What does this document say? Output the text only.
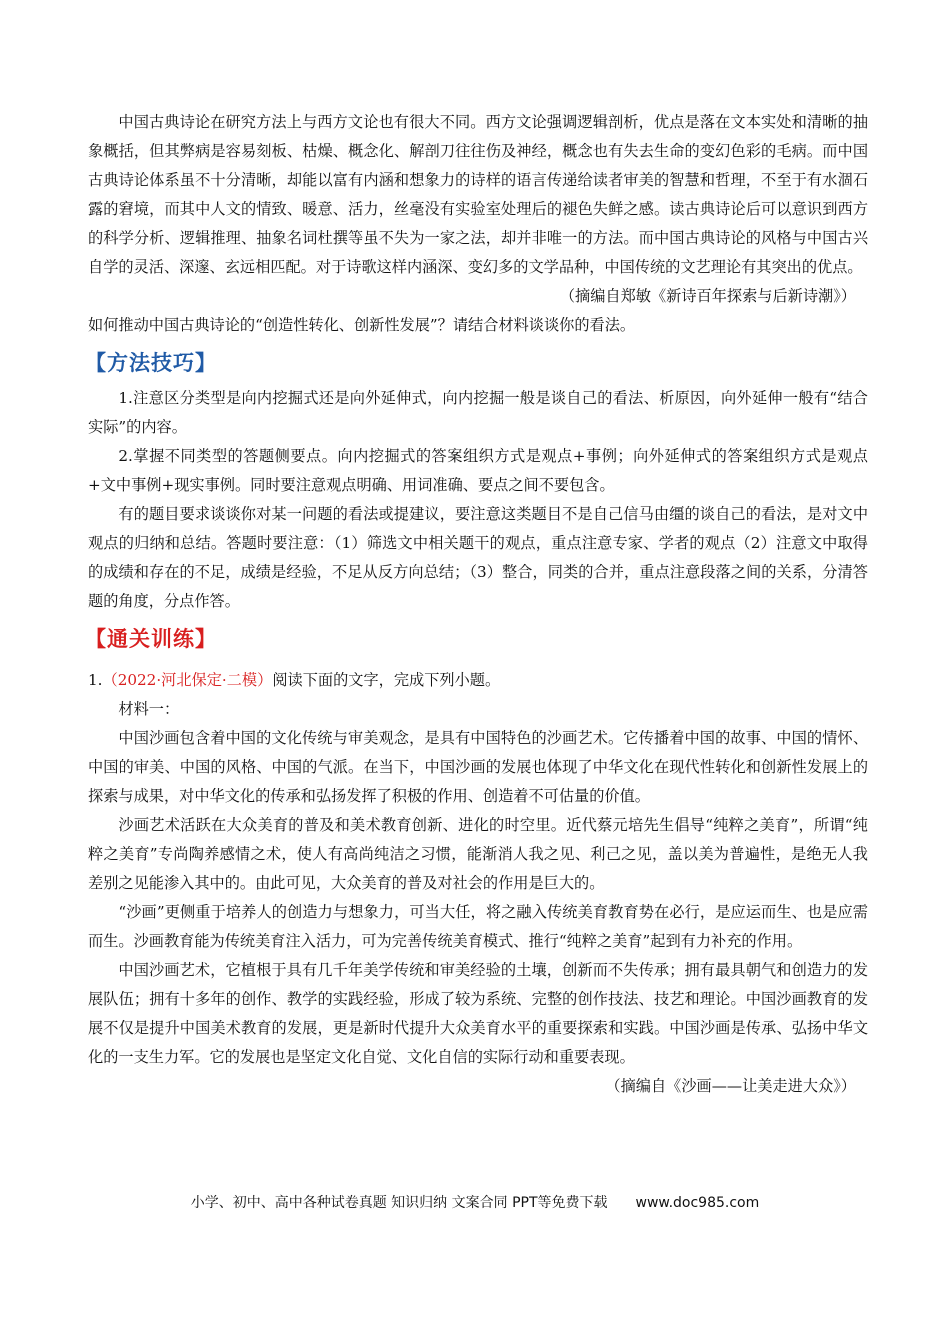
中国古典诗论在研究方法上与西方文论也有很大不同。西方文论强调逻辑剖析，优点是落在文本实处和清晰的抽象概括，但其弊病是容易刻板、枯燥、概念化、解剖刀往往伤及神经，概念也有失去生命的变幻色彩的毛病。而中国古典诗论体系虽不十分清晰，却能以富有内涵和想象力的诗样的语言传递给读者审美的智慧和哲理，不至于有水涸石露的窘境，而其中人文的情致、暖意、活力，丝毫没有实验室处理后的褪色失鲜之感。读古典诗论后可以意识到西方的科学分析、逻辑推理、抽象名词杜撰等虽不失为一家之法，却并非唯一的方法。而中国古典诗论的风格与中国古兴自学的灵活、深邃、玄远相匹配。对于诗歌这样内涵深、变幻多的文学品种，中国传统的文艺理论有其突出的优点。

（摘编自郑敏《新诗百年探索与后新诗潮》）

如何推动中国古典诗论的“创造性转化、创新性发展”？请结合材料谈谈你的看法。

【方法技巧】

1.注意区分类型是向内挖掘式还是向外延伸式，向内挖掘一般是谈自己的看法、析原因，向外延伸一般有“结合实际”的内容。

2.掌握不同类型的答题侧要点。向内挖掘式的答案组织方式是观点+事例；向外延伸式的答案组织方式是观点+文中事例+现实事例。同时要注意观点明确、用词准确、要点之间不要包含。

有的题目要求谈谈你对某一问题的看法或提建议，要注意这类题目不是自己信马由缰的谈自己的看法，是对文中观点的归纳和总结。答题时要注意：（1）筛选文中相关题干的观点，重点注意专家、学者的观点（2）注意文中取得的成绩和存在的不足，成绩是经验，不足从反方向总结；（3）整合，同类的合并，重点注意段落之间的关系，分清答题的角度，分点作答。

【通关训练】

1.（2022·河北保定·二模）阅读下面的文字，完成下列小题。

材料一：

中国沙画包含着中国的文化传统与审美观念，是具有中国特色的沙画艺术。它传播着中国的故事、中国的情怀、中国的审美、中国的风格、中国的气派。在当下，中国沙画的发展也体现了中华文化在现代性转化和创新性发展上的探索与成果，对中华文化的传承和弘扬发挥了积极的作用、创造着不可估量的价值。

沙画艺术活跃在大众美育的普及和美术教育创新、进化的时空里。近代蔡元培先生倡导“纯粹之美育”，所谓“纯粹之美育”专尚陶养感情之术，使人有高尚纯洁之习惯，能渐消人我之见、利己之见，盖以美为普遍性，是绝无人我差别之见能渗入其中的。由此可见，大众美育的普及对社会的作用是巨大的。

“沙画”更侧重于培养人的创造力与想象力，可当大任，将之融入传统美育教育势在必行，是应运而生、也是应需而生。沙画教育能为传统美育注入活力，可为完善传统美育模式、推行“纯粹之美育”起到有力补充的作用。

中国沙画艺术，它植根于具有几千年美学传统和审美经验的土壤，创新而不失传承；拥有最具朝气和创造力的发展队伍；拥有十多年的创作、教学的实践经验，形成了较为系统、完整的创作技法、技艺和理论。中国沙画教育的发展不仅是提升中国美术教育的发展，更是新时代提升大众美育水平的重要探索和实践。中国沙画是传承、弘扬中华文化的一支生力军。它的发展也是坚定文化自觉、文化自信的实际行动和重要表现。

（摘编自《沙画——让美走进大众》）

小学、初中、高中各种试卷真题 知识归纳 文案合同 PPT等免费下载 www.doc985.com
